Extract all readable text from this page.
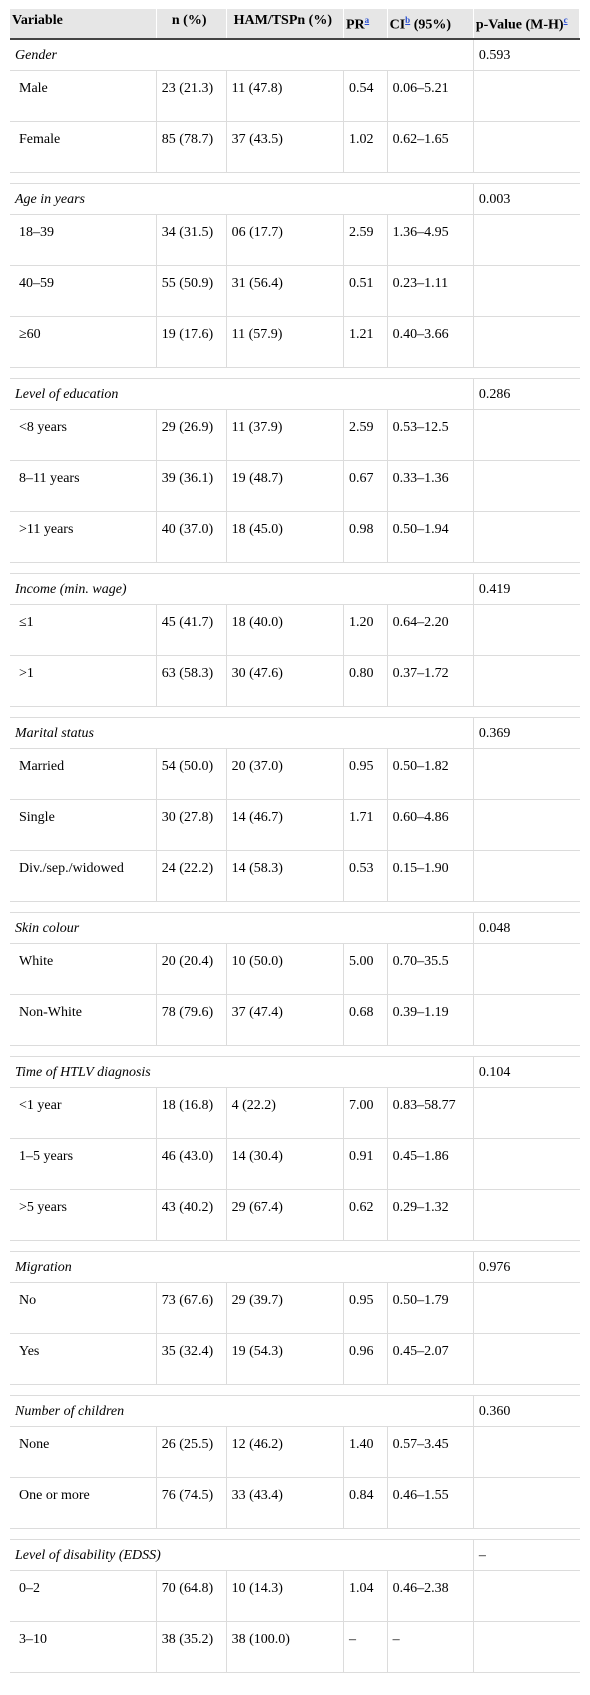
Variable	n (%)	HAM/TSPn (%)	$PR^a$	$CI^b$ (95%)	p-Value $(M-H)^c$
Gender					0.593
Male	23 (21.3)	11 (47.8)	0.54	0.06–5.21	
Female	85 (78.7)	37 (43.5)	1.02	0.62–1.65	

Age in years					0.003
18–39	34 (31.5)	06 (17.7)	2.59	1.36–4.95	
40–59	55 (50.9)	31 (56.4)	0.51	0.23–1.11	
≥60	19 (17.6)	11 (57.9)	1.21	0.40–3.66	

Level of education					0.286
<8 years	29 (26.9)	11 (37.9)	2.59	0.53–12.5	
8–11 years	39 (36.1)	19 (48.7)	0.67	0.33–1.36	
>11 years	40 (37.0)	18 (45.0)	0.98	0.50–1.94	

Income (min. wage)					0.419
≤1	45 (41.7)	18 (40.0)	1.20	0.64–2.20	
>1	63 (58.3)	30 (47.6)	0.80	0.37–1.72	

Marital status					0.369
Married	54 (50.0)	20 (37.0)	0.95	0.50–1.82	
Single	30 (27.8)	14 (46.7)	1.71	0.60–4.86	
Div./sep./widowed	24 (22.2)	14 (58.3)	0.53	0.15–1.90	

Skin colour					0.048
White	20 (20.4)	10 (50.0)	5.00	0.70–35.5	
Non-White	78 (79.6)	37 (47.4)	0.68	0.39–1.19	

Time of HTLV diagnosis					0.104
<1 year	18 (16.8)	4 (22.2)	7.00	0.83–58.77	
1–5 years	46 (43.0)	14 (30.4)	0.91	0.45–1.86	
>5 years	43 (40.2)	29 (67.4)	0.62	0.29–1.32	

Migration					0.976
No	73 (67.6)	29 (39.7)	0.95	0.50–1.79	
Yes	35 (32.4)	19 (54.3)	0.96	0.45–2.07	

Number of children					0.360
None	26 (25.5)	12 (46.2)	1.40	0.57–3.45	
One or more	76 (74.5)	33 (43.4)	0.84	0.46–1.55	

Level of disability (EDSS)					–
0–2	70 (64.8)	10 (14.3)	1.04	0.46–2.38	
3–10	38 (35.2)	38 (100.0)	–	–	
